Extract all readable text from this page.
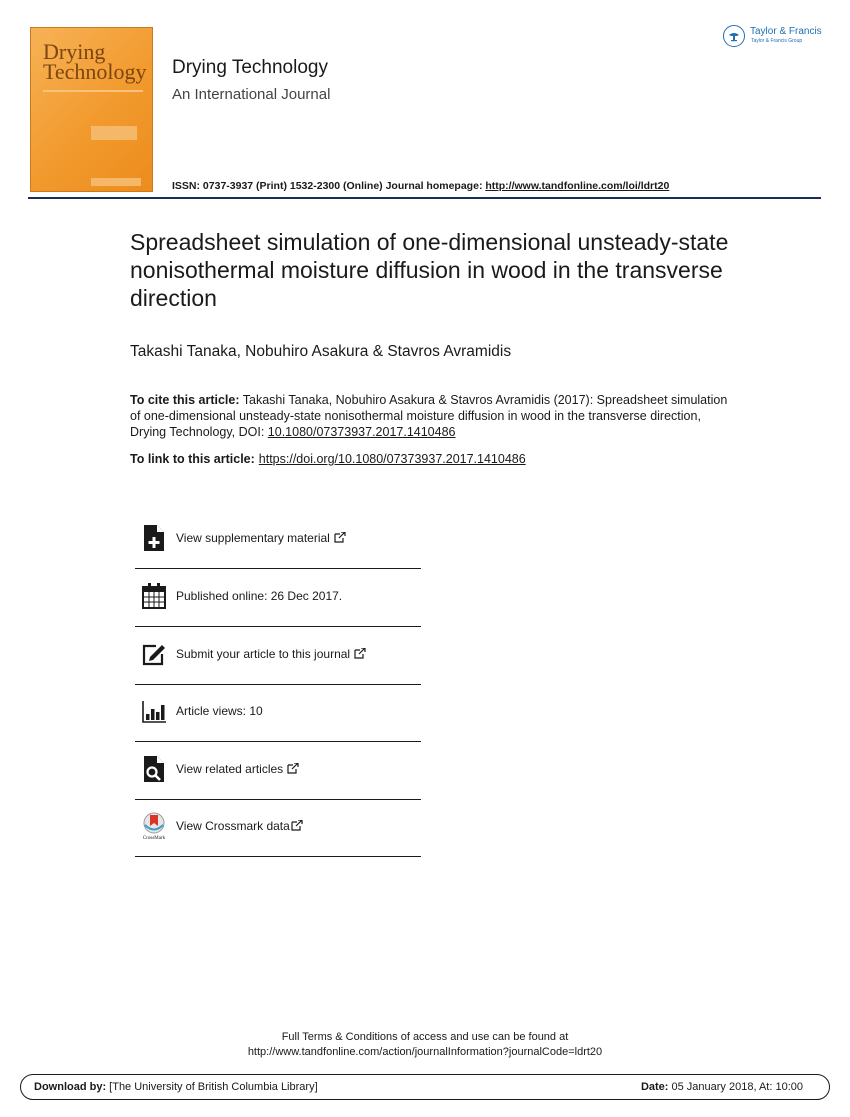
Drying
Technology	Drying Technology
An International Journal
ISSN: 0737-3937 (Print) 1532-2300 (Online) Journal homepage: http://www.tandfonline.com/loi/ldrt20
Taylor & Francis
Taylor & Francis Group
Spreadsheet simulation of one-dimensional unsteady-state nonisothermal moisture diffusion in wood in the transverse direction
Takashi Tanaka, Nobuhiro Asakura & Stavros Avramidis
To cite this article: Takashi Tanaka, Nobuhiro Asakura & Stavros Avramidis (2017): Spreadsheet simulation of one-dimensional unsteady-state nonisothermal moisture diffusion in wood in the transverse direction, Drying Technology, DOI: 10.1080/07373937.2017.1410486
To link to this article: https://doi.org/10.1080/07373937.2017.1410486
View supplementary material
Published online: 26 Dec 2017.
Submit your article to this journal
Article views: 10
View related articles
CrossMark
View Crossmark data
Full Terms & Conditions of access and use can be found at
http://www.tandfonline.com/action/journalInformation?journalCode=ldrt20
Download by: [The University of British Columbia Library]	Date: 05 January 2018, At: 10:00
